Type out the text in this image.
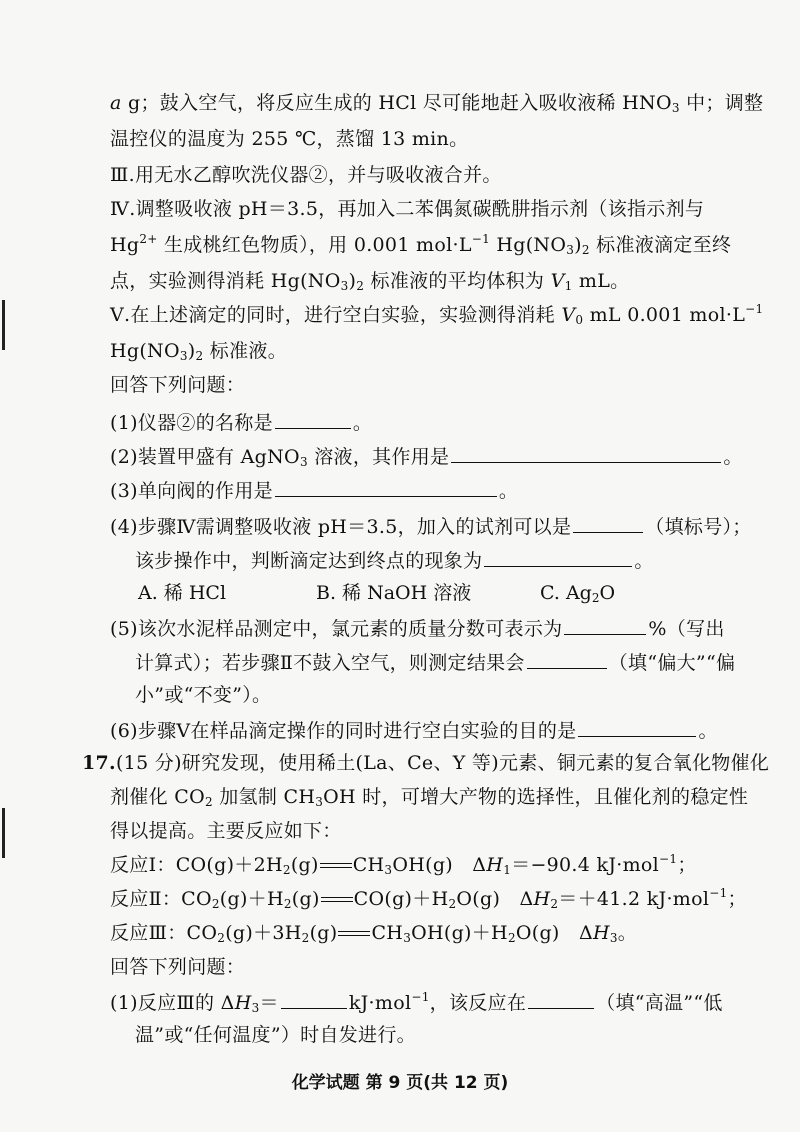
a g；鼓入空气，将反应生成的 HCl 尽可能地赶入吸收液稀 $HNO_3$ 中；调整
温控仪的温度为 255 ℃，蒸馏 13 min。
Ⅲ.用无水乙醇吹洗仪器②，并与吸收液合并。
Ⅳ.调整吸收液 pH＝3.5，再加入二苯偶氮碳酰肼指示剂（该指示剂与
$Hg^{2+}$ 生成桃红色物质），用 0.001 $mol\cdot L^{-1}$ $Hg(NO_3)_2$ 标准液滴定至终
点，实验测得消耗 $Hg(NO_3)_2$ 标准液的平均体积为 $V_1$ mL。
Ⅴ.在上述滴定的同时，进行空白实验，实验测得消耗 $V_0$ mL 0.001 $mol\cdot L^{-1}$
$Hg(NO_3)_2$ 标准液。
回答下列问题：
(1)仪器②的名称是	。
(2)装置甲盛有 AgNO$_3$ 溶液，其作用是	。
(3)单向阀的作用是	。
(4)步骤Ⅳ需调整吸收液 pH＝3.5，加入的试剂可以是	（填标号）；
该步操作中，判断滴定达到终点的现象为	。
A. 稀 HCl	B. 稀 NaOH 溶液	C. $Ag_2O$
(5)该次水泥样品测定中，氯元素的质量分数可表示为	%（写出
计算式）；若步骤Ⅱ不鼓入空气，则测定结果会	（填“偏大”“偏
小”或“不变”）。
(6)步骤Ⅴ在样品滴定操作的同时进行空白实验的目的是	。
17.(15 分)研究发现，使用稀土(La、Ce、Y 等)元素、铜元素的复合氧化物催化
剂催化 $CO_2$ 加氢制 $CH_3OH$ 时，可增大产物的选择性，且催化剂的稳定性
得以提高。主要反应如下：
反应Ⅰ：$CO(g)+2H_2(g)$ $CH_3OH(g)$　$\Delta H_1=-90.4$ kJ·mol$^{-1}$；
反应Ⅱ：$CO_2(g)+H_2(g)$ $CO(g)+H_2O(g)$　$\Delta H_2=+41.2$ kJ·mol$^{-1}$；
反应Ⅲ：$CO_2(g)+3H_2(g)$ $CH_3OH(g)+H_2O(g)$　$\Delta H_3$。
回答下列问题：
(1)反应Ⅲ的 $\Delta H_3=$	kJ·mol$^{-1}$，该反应在	（填“高温”“低
温”或“任何温度”）时自发进行。
化学试题 第 9 页(共 12 页)
